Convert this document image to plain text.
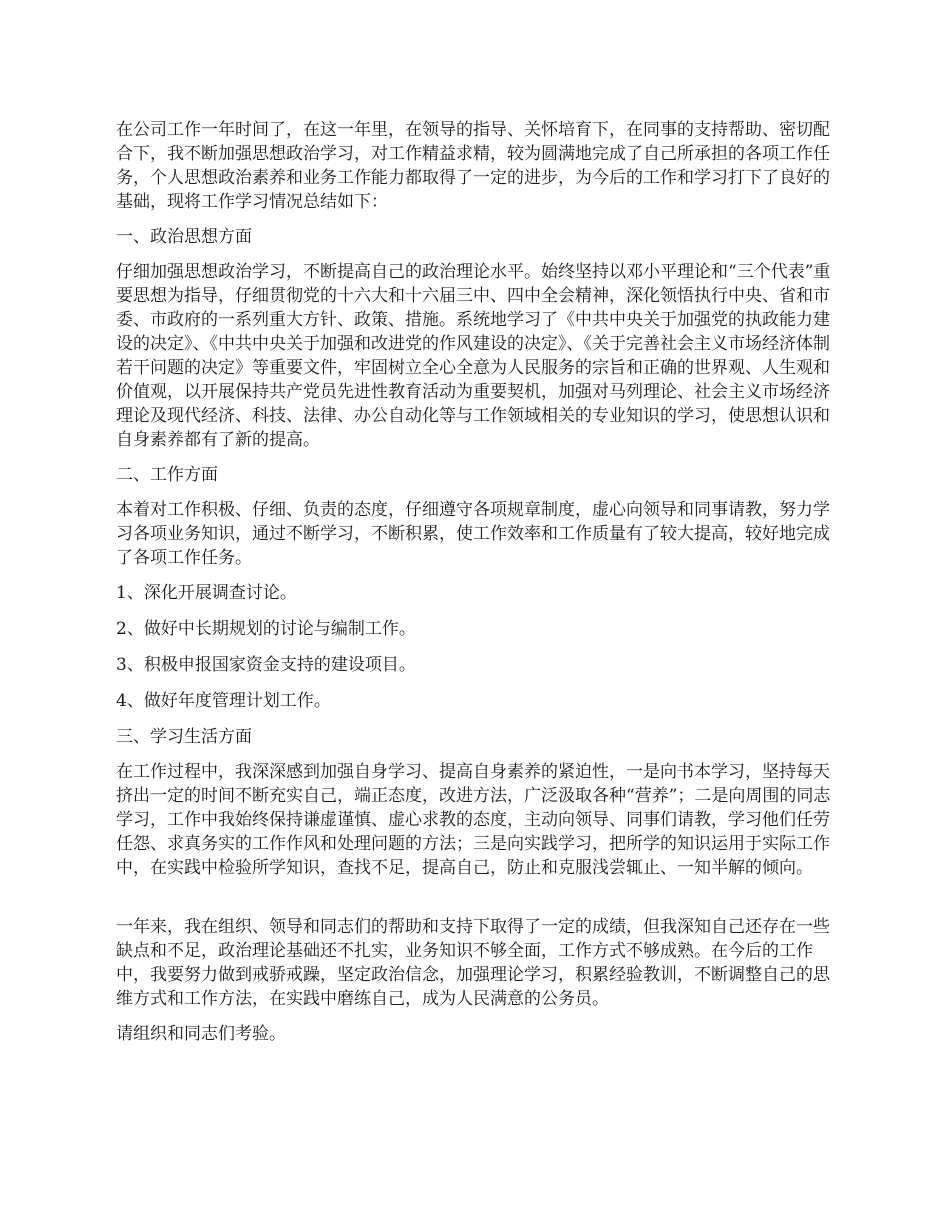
在公司工作一年时间了，在这一年里，在领导的指导、关怀培育下，在同事的支持帮助、密切配合下，我不断加强思想政治学习，对工作精益求精，较为圆满地完成了自己所承担的各项工作任务，个人思想政治素养和业务工作能力都取得了一定的进步，为今后的工作和学习打下了良好的基础，现将工作学习情况总结如下：

一、政治思想方面

仔细加强思想政治学习，不断提高自己的政治理论水平。始终坚持以邓小平理论和“三个代表”重要思想为指导，仔细贯彻党的十六大和十六届三中、四中全会精神，深化领悟执行中央、省和市委、市政府的一系列重大方针、政策、措施。系统地学习了《中共中央关于加强党的执政能力建设的决定》、《中共中央关于加强和改进党的作风建设的决定》、《关于完善社会主义市场经济体制若干问题的决定》等重要文件，牢固树立全心全意为人民服务的宗旨和正确的世界观、人生观和价值观，以开展保持共产党员先进性教育活动为重要契机，加强对马列理论、社会主义市场经济理论及现代经济、科技、法律、办公自动化等与工作领域相关的专业知识的学习，使思想认识和自身素养都有了新的提高。

二、工作方面

本着对工作积极、仔细、负责的态度，仔细遵守各项规章制度，虚心向领导和同事请教，努力学习各项业务知识，通过不断学习，不断积累，使工作效率和工作质量有了较大提高，较好地完成了各项工作任务。

1、深化开展调查讨论。

2、做好中长期规划的讨论与编制工作。

3、积极申报国家资金支持的建设项目。

4、做好年度管理计划工作。

三、学习生活方面

在工作过程中，我深深感到加强自身学习、提高自身素养的紧迫性，一是向书本学习，坚持每天挤出一定的时间不断充实自己，端正态度，改进方法，广泛汲取各种“营养”；二是向周围的同志学习，工作中我始终保持谦虚谨慎、虚心求教的态度，主动向领导、同事们请教，学习他们任劳任怨、求真务实的工作作风和处理问题的方法；三是向实践学习，把所学的知识运用于实际工作中，在实践中检验所学知识，查找不足，提高自己，防止和克服浅尝辄止、一知半解的倾向。

一年来，我在组织、领导和同志们的帮助和支持下取得了一定的成绩，但我深知自己还存在一些缺点和不足，政治理论基础还不扎实，业务知识不够全面，工作方式不够成熟。在今后的工作中，我要努力做到戒骄戒躁，坚定政治信念，加强理论学习，积累经验教训，不断调整自己的思维方式和工作方法，在实践中磨练自己，成为人民满意的公务员。

请组织和同志们考验。
